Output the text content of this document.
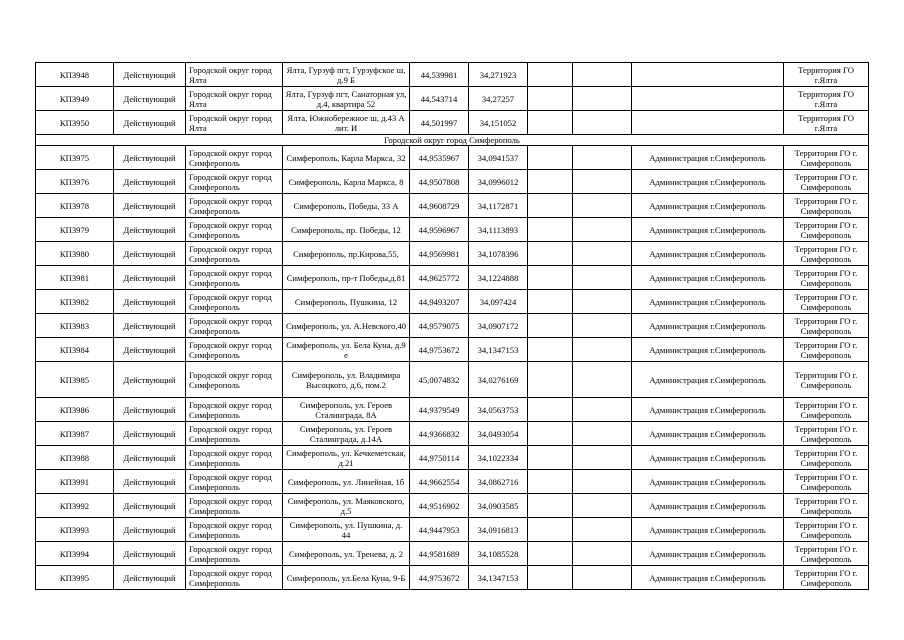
КП3948	Действующий	Городской округ город Ялта	Ялта, Гурзуф пгт, Гурзуфское ш, д.9 Б	44,539981	34,271923				Территория ГО г.Ялта
КП3949	Действующий	Городской округ город Ялта	Ялта, Гурзуф пгт, Санаторная ул, д.4, квартира 52	44,543714	34,27257				Территория ГО г.Ялта
КП3950	Действующий	Городской округ город Ялта	Ялта, Южнобережное ш, д.43 А лит. И	44,501997	34,151052				Территория ГО г.Ялта
Городской округ город Симферополь									
КП3975	Действующий	Городской округ город Симферополь	Симферополь, Карла Маркса, 32	44,9535967	34,0941537			Администрация г.Симферополь	Территория ГО г. Симферополь
КП3976	Действующий	Городской округ город Симферополь	Симферополь, Карла Маркса, 8	44,9507808	34,0996012			Администрация г.Симферополь	Территория ГО г. Симферополь
КП3978	Действующий	Городской округ город Симферополь	Симферополь, Победы, 33 А	44,9608729	34,1172871			Администрация г.Симферополь	Территория ГО г. Симферополь
КП3979	Действующий	Городской округ город Симферополь	Симферополь, пр. Победы, 12	44,9596967	34,1113893			Администрация г.Симферополь	Территория ГО г. Симферополь
КП3980	Действующий	Городской округ город Симферополь	Симферополь, пр.Кирова,55,	44,9569981	34,1078396			Администрация г.Симферополь	Территория ГО г. Симферополь
КП3981	Действующий	Городской округ город Симферополь	Симферополь, пр-т Победы,д.81	44,9625772	34,1224888			Администрация г.Симферополь	Территория ГО г. Симферополь
КП3982	Действующий	Городской округ город Симферополь	Симферополь, Пушкина, 12	44,9493207	34,097424			Администрация г.Симферополь	Территория ГО г. Симферополь
КП3983	Действующий	Городской округ город Симферополь	Симферополь, ул. А.Невского,40	44,9579075	34,0907172			Администрация г.Симферополь	Территория ГО г. Симферополь
КП3984	Действующий	Городской округ город Симферополь	Симферополь, ул. Бела Куна, д.9 е	44,9753672	34,1347153			Администрация г.Симферополь	Территория ГО г. Симферополь
КП3985	Действующий	Городской округ город Симферополь	Симферополь, ул. Владимира Высоцкого, д.6, пом.2	45,0074832	34,0276169			Администрация г.Симферополь	Территория ГО г. Симферополь
КП3986	Действующий	Городской округ город Симферополь	Симферополь, ул. Героев Сталинграда, 8А	44,9379549	34,0563753			Администрация г.Симферополь	Территория ГО г. Симферополь
КП3987	Действующий	Городской округ город Симферополь	Симферополь, ул. Героев Сталинграда, д.14А	44,9366832	34,0493054			Администрация г.Симферополь	Территория ГО г. Симферополь
КП3988	Действующий	Городской округ город Симферополь	Симферополь, ул. Кечкеметская, д.21	44,9750114	34,1022334			Администрация г.Симферополь	Территория ГО г. Симферополь
КП3991	Действующий	Городской округ город Симферополь	Симферополь, ул. Линейная, 1б	44,9662554	34,0862716			Администрация г.Симферополь	Территория ГО г. Симферополь
КП3992	Действующий	Городской округ город Симферополь	Симферополь, ул. Маяковского, д.5	44,9516902	34,0903585			Администрация г.Симферополь	Территория ГО г. Симферополь
КП3993	Действующий	Городской округ город Симферополь	Симферополь, ул. Пушкина, д. 44	44,9447953	34,0916813			Администрация г.Симферополь	Территория ГО г. Симферополь
КП3994	Действующий	Городской округ город Симферополь	Симферополь, ул. Тренева, д. 2	44,9581689	34,1085528			Администрация г.Симферополь	Территория ГО г. Симферополь
КП3995	Действующий	Городской округ город Симферополь	Симферополь, ул.Бела Куна, 9-Б	44,9753672	34,1347153			Администрация г.Симферополь	Территория ГО г. Симферополь
